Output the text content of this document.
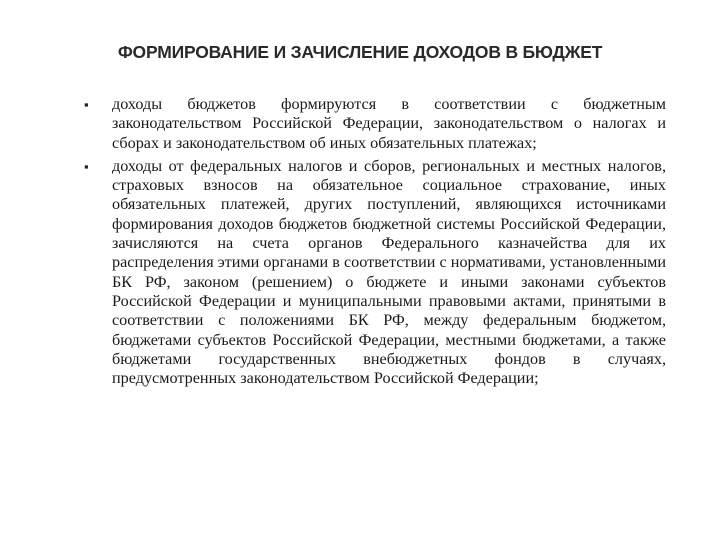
ФОРМИРОВАНИЕ И ЗАЧИСЛЕНИЕ ДОХОДОВ В БЮДЖЕТ
▪	доходы бюджетов формируются в соответствии с бюджетным законодательством Российской Федерации, законодательством о налогах и сборах и законодательством об иных обязательных платежах;
▪	доходы от федеральных налогов и сборов, региональных и местных налогов, страховых взносов на обязательное социальное страхование, иных обязательных платежей, других поступлений, являющихся источниками формирования доходов бюджетов бюджетной системы Российской Федерации, зачисляются на счета органов Федерального казначейства для их распределения этими органами в соответствии с нормативами, установленными БК РФ, законом (решением) о бюджете и иными законами субъектов Российской Федерации и муниципальными правовыми актами, принятыми в соответствии с положениями БК РФ, между федеральным бюджетом, бюджетами субъектов Российской Федерации, местными бюджетами, а также бюджетами государственных внебюджетных фондов в случаях, предусмотренных законодательством Российской Федерации;
